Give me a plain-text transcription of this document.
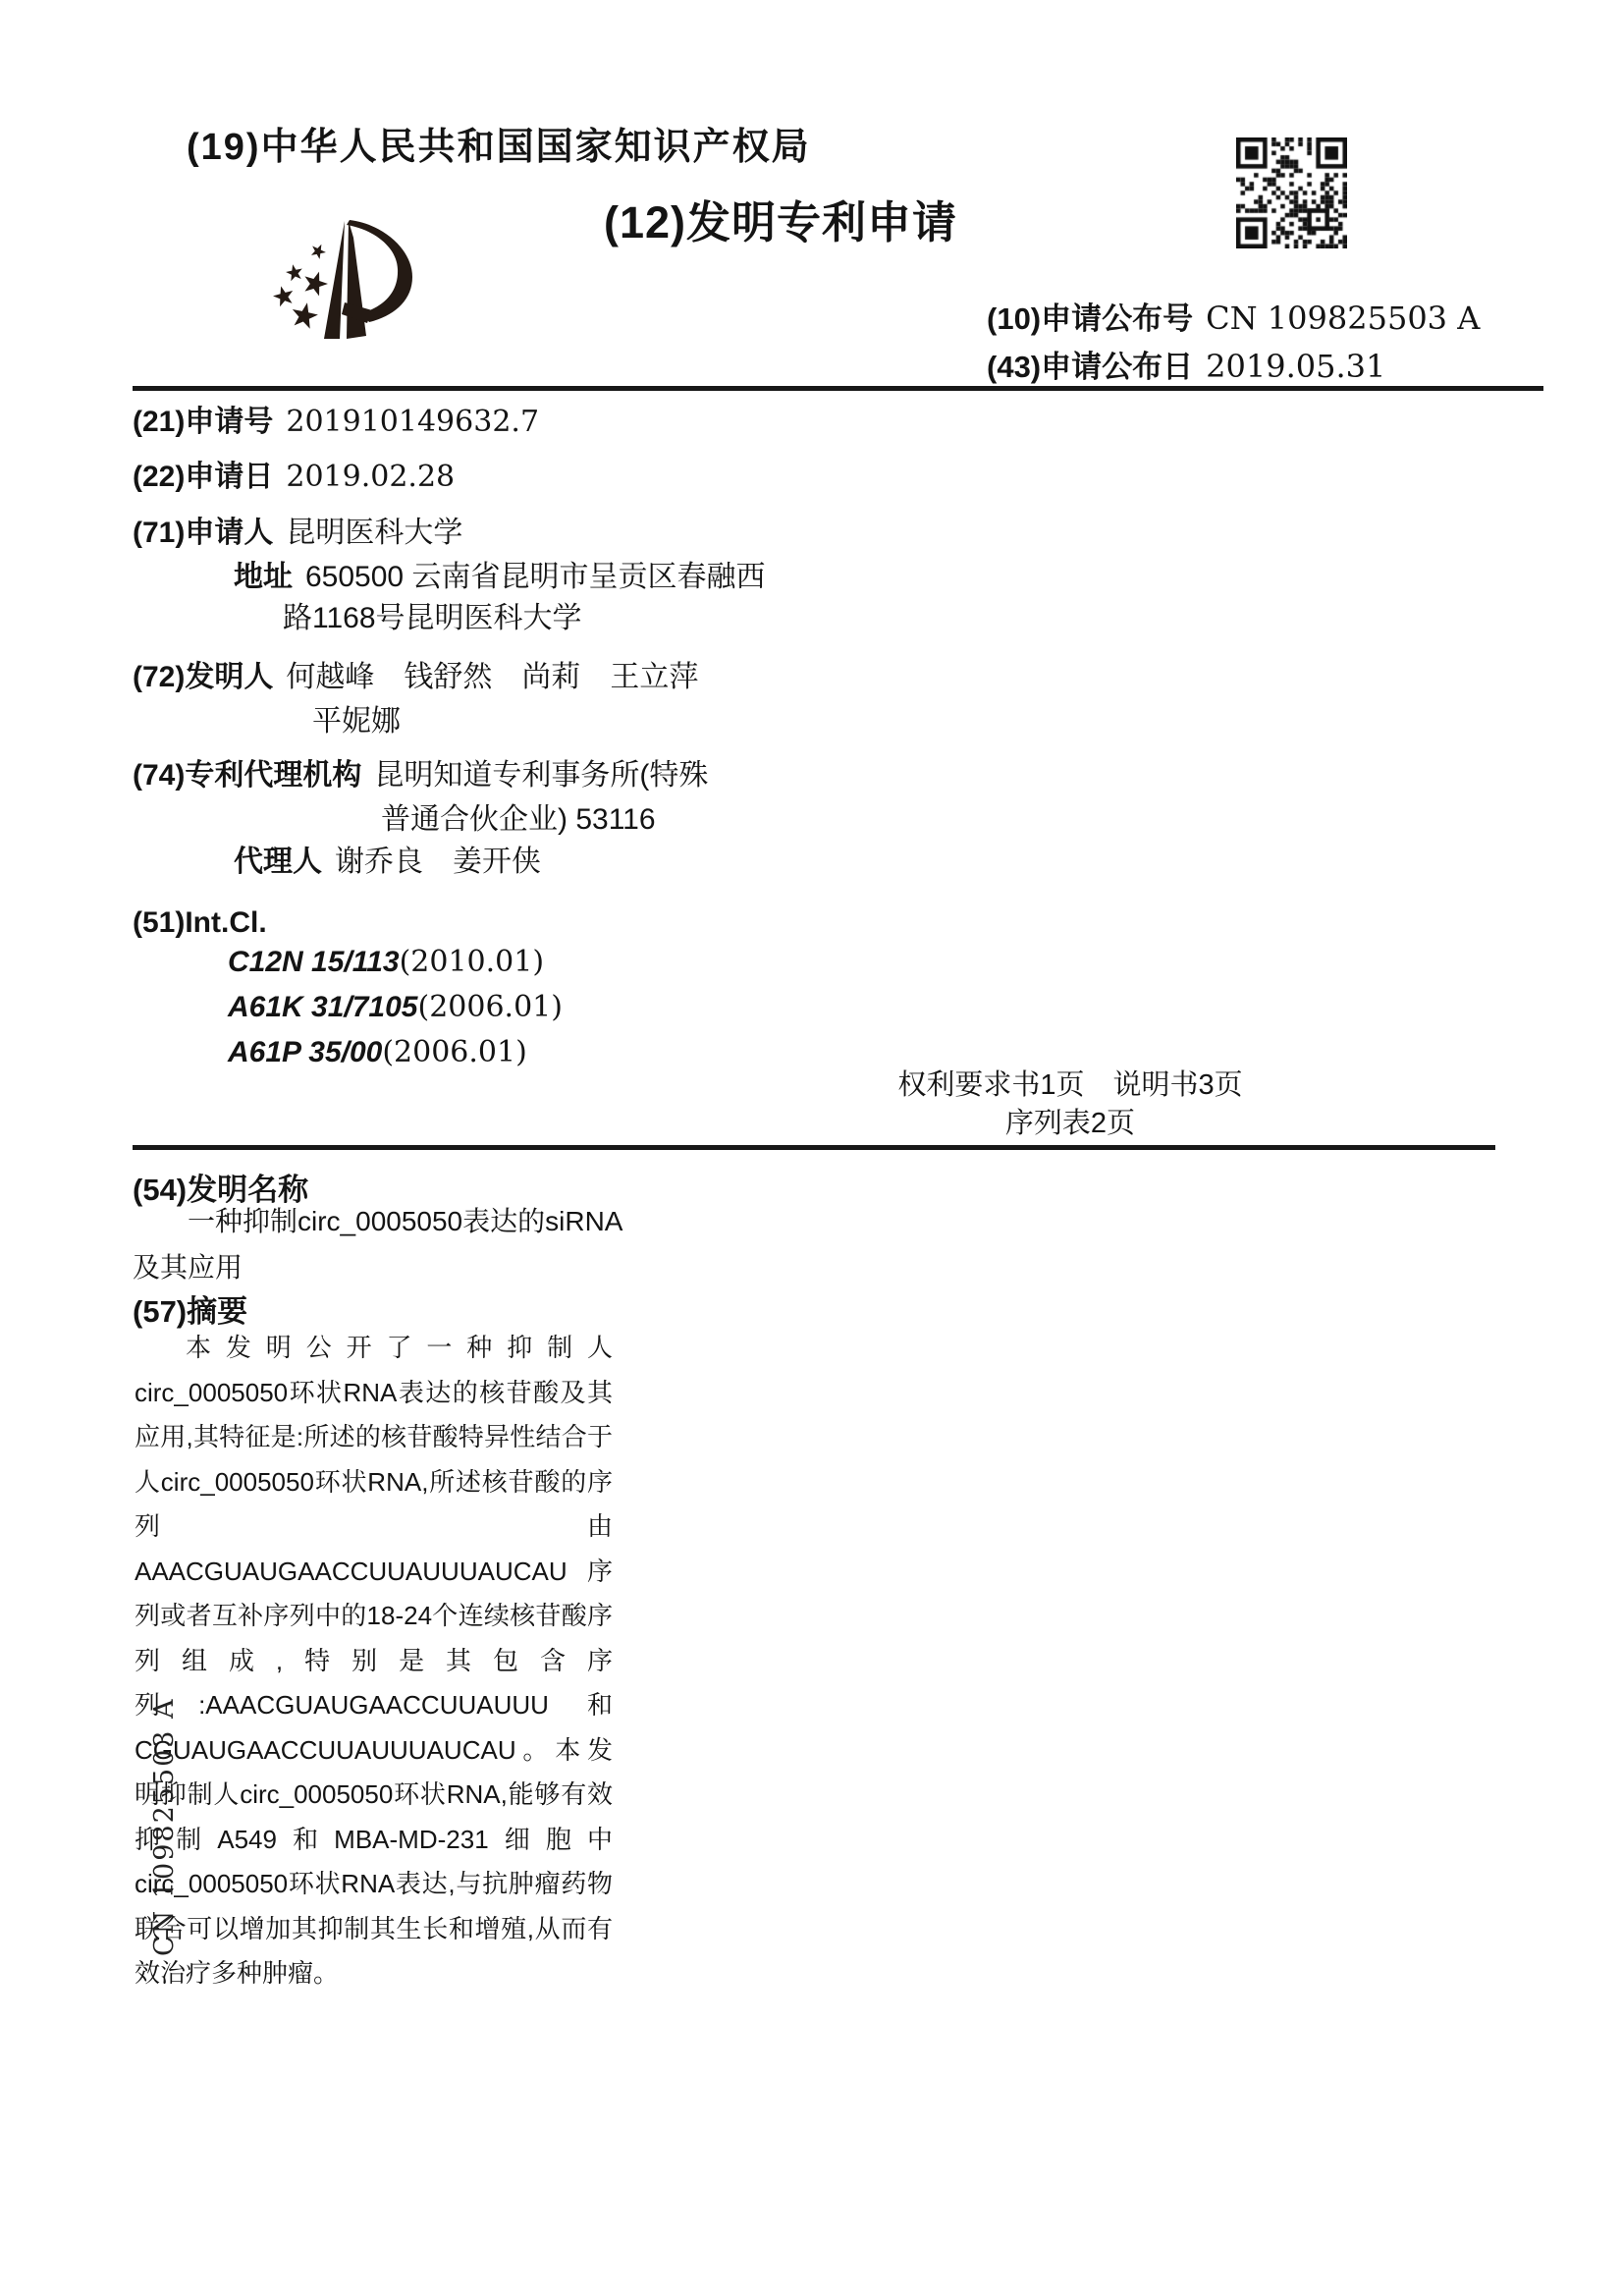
(19)中华人民共和国国家知识产权局
(12)发明专利申请
(10)申请公布号 CN 109825503 A
(43)申请公布日 2019.05.31
(21)申请号 201910149632.7
(22)申请日 2019.02.28
(71)申请人 昆明医科大学
地址 650500 云南省昆明市呈贡区春融西
路1168号昆明医科大学
(72)发明人 何越峰　钱舒然　尚莉　王立萍
平妮娜
(74)专利代理机构 昆明知道专利事务所(特殊
普通合伙企业) 53116
代理人 谢乔良　姜开侠
(51)Int.Cl.
C12N 15/113(2010.01)
A61K 31/7105(2006.01)
A61P 35/00(2006.01)
权利要求书1页　说明书3页
序列表2页
(54)发明名称

一种抑制circ_0005050表达的siRNA及其应用

(57)摘要

本发明公开了一种抑制人circ_0005050环状RNA表达的核苷酸及其应用,其特征是:所述的核苷酸特异性结合于人circ_0005050环状RNA,所述核苷酸的序列由AAACGUAUGAACCUUAUUUAUCAU序列或者互补序列中的18-24个连续核苷酸序列组成,特别是其包含序列:AAACGUAUGAACCUUAUUU和CGUAUGAACCUUAUUUAUCAU。本发明抑制人circ_0005050环状RNA,能够有效抑制A549和MBA-MD-231细胞中circ_0005050环状RNA表达,与抗肿瘤药物联合可以增加其抑制其生长和增殖,从而有效治疗多种肿瘤。

CN 109825503 A
